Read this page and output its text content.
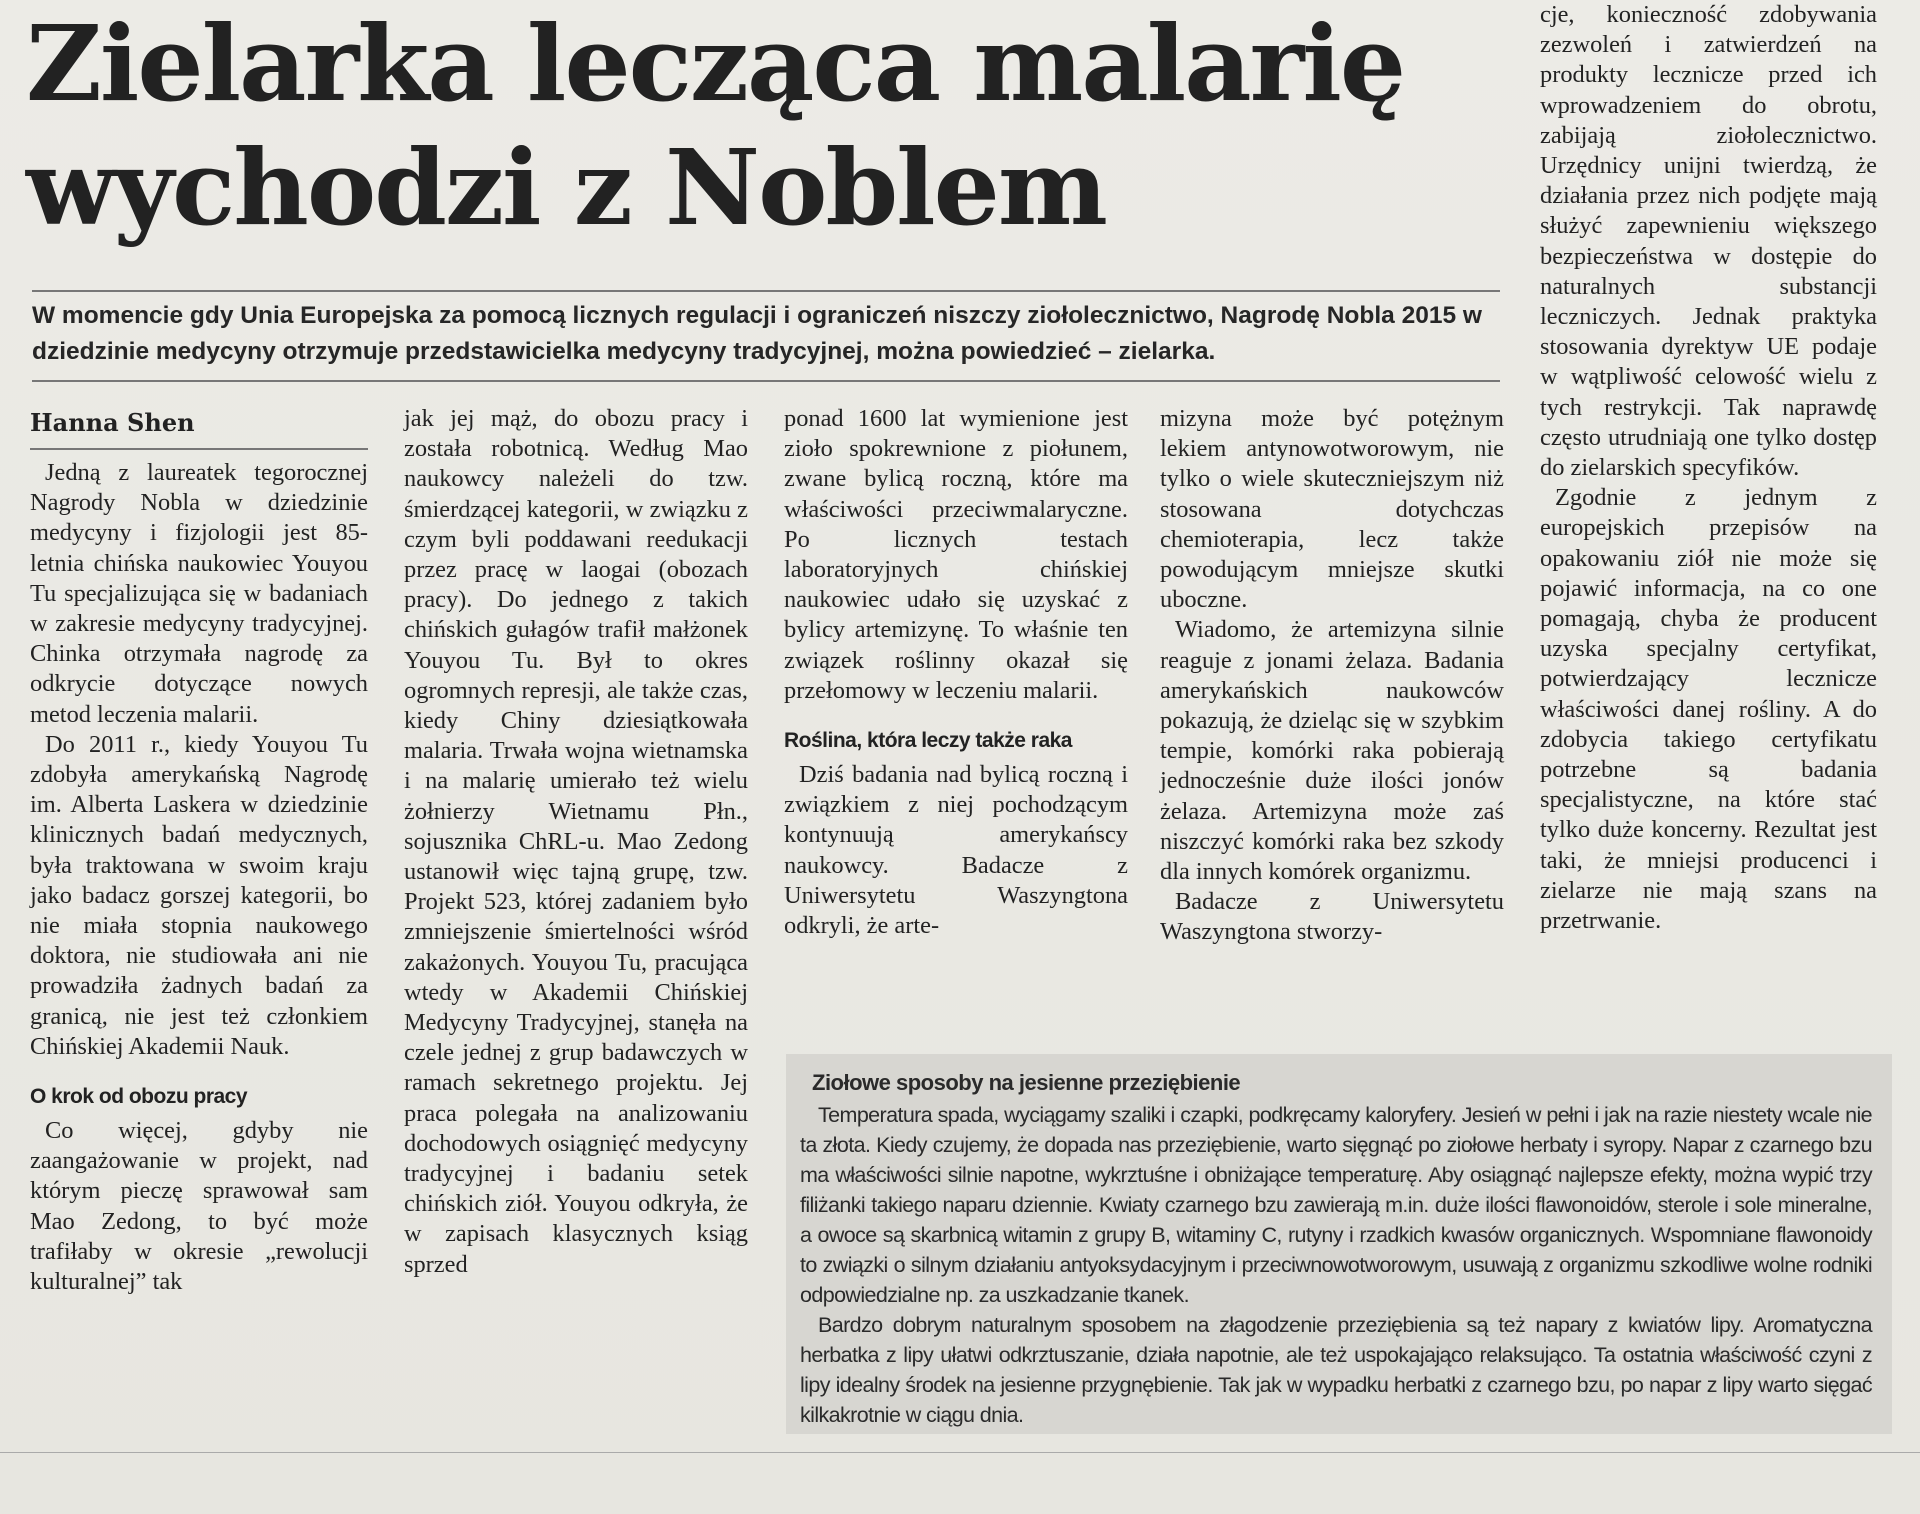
Zielarka lecząca malarię wychodzi z Noblem

W momencie gdy Unia Europejska za pomocą licznych regulacji i ograniczeń niszczy ziołolecznictwo, Nagrodę Nobla 2015 w dziedzinie medycyny otrzymuje przedstawicielka medycyny tradycyjnej, można powiedzieć – zielarka.

Hanna Shen

Jedną z laureatek tegorocznej Nagrody Nobla w dziedzinie medycyny i fizjologii jest 85-letnia chińska naukowiec Youyou Tu specjalizująca się w badaniach w zakresie medycyny tradycyjnej. Chinka otrzymała nagrodę za odkrycie dotyczące nowych metod leczenia malarii.

Do 2011 r., kiedy Youyou Tu zdobyła amerykańską Nagrodę im. Alberta Laskera w dziedzinie klinicznych badań medycznych, była traktowana w swoim kraju jako badacz gorszej kategorii, bo nie miała stopnia naukowego doktora, nie studiowała ani nie prowadziła żadnych badań za granicą, nie jest też członkiem Chińskiej Akademii Nauk.

O krok od obozu pracy

Co więcej, gdyby nie zaangażowanie w projekt, nad którym pieczę sprawował sam Mao Zedong, to być może trafiłaby w okresie „rewolucji kulturalnej” tak

jak jej mąż, do obozu pracy i została robotnicą. Według Mao naukowcy należeli do tzw. śmierdzącej kategorii, w związku z czym byli poddawani reedukacji przez pracę w laogai (obozach pracy). Do jednego z takich chińskich gułagów trafił małżonek Youyou Tu. Był to okres ogromnych represji, ale także czas, kiedy Chiny dziesiątkowała malaria. Trwała wojna wietnamska i na malarię umierało też wielu żołnierzy Wietnamu Płn., sojusznika ChRL-u. Mao Zedong ustanowił więc tajną grupę, tzw. Projekt 523, której zadaniem było zmniejszenie śmiertelności wśród zakażonych. Youyou Tu, pracująca wtedy w Akademii Chińskiej Medycyny Tradycyjnej, stanęła na czele jednej z grup badawczych w ramach sekretnego projektu. Jej praca polegała na analizowaniu dochodowych osiągnięć medycyny tradycyjnej i badaniu setek chińskich ziół. Youyou odkryła, że w zapisach klasycznych ksiąg sprzed

ponad 1600 lat wymienione jest zioło spokrewnione z piołunem, zwane bylicą roczną, które ma właściwości przeciwmalaryczne. Po licznych testach laboratoryjnych chińskiej naukowiec udało się uzyskać z bylicy artemizynę. To właśnie ten związek roślinny okazał się przełomowy w leczeniu malarii.

Roślina, która leczy także raka

Dziś badania nad bylicą roczną i związkiem z niej pochodzącym kontynuują amerykańscy naukowcy. Badacze z Uniwersytetu Waszyngtona odkryli, że arte-

mizyna może być potężnym lekiem antynowotworowym, nie tylko o wiele skuteczniejszym niż stosowana dotychczas chemioterapia, lecz także powodującym mniejsze skutki uboczne.

Wiadomo, że artemizyna silnie reaguje z jonami żelaza. Badania amerykańskich naukowców pokazują, że dzieląc się w szybkim tempie, komórki raka pobierają jednocześnie duże ilości jonów żelaza. Artemizyna może zaś niszczyć komórki raka bez szkody dla innych komórek organizmu.

Badacze z Uniwersytetu Waszyngtona stworzy-

cje, konieczność zdobywania zezwoleń i zatwierdzeń na produkty lecznicze przed ich wprowadzeniem do obrotu, zabijają ziołolecznictwo. Urzędnicy unijni twierdzą, że działania przez nich podjęte mają służyć zapewnieniu większego bezpieczeństwa w dostępie do naturalnych substancji leczniczych. Jednak praktyka stosowania dyrektyw UE podaje w wątpliwość celowość wielu z tych restrykcji. Tak naprawdę często utrudniają one tylko dostęp do zielarskich specyfików.

Zgodnie z jednym z europejskich przepisów na opakowaniu ziół nie może się pojawić informacja, na co one pomagają, chyba że producent uzyska specjalny certyfikat, potwierdzający lecznicze właściwości danej rośliny. A do zdobycia takiego certyfikatu potrzebne są badania specjalistyczne, na które stać tylko duże koncerny. Rezultat jest taki, że mniejsi producenci i zielarze nie mają szans na przetrwanie.

Ziołowe sposoby na jesienne przeziębienie

Temperatura spada, wyciągamy szaliki i czapki, podkręcamy kaloryfery. Jesień w pełni i jak na razie niestety wcale nie ta złota. Kiedy czujemy, że dopada nas przeziębienie, warto sięgnąć po ziołowe herbaty i syropy. Napar z czarnego bzu ma właściwości silnie napotne, wykrztuśne i obniżające temperaturę. Aby osiągnąć najlepsze efekty, można wypić trzy filiżanki takiego naparu dziennie. Kwiaty czarnego bzu zawierają m.in. duże ilości flawonoidów, sterole i sole mineralne, a owoce są skarbnicą witamin z grupy B, witaminy C, rutyny i rzadkich kwasów organicznych. Wspomniane flawonoidy to związki o silnym działaniu antyoksydacyjnym i przeciwnowotworowym, usuwają z organizmu szkodliwe wolne rodniki odpowiedzialne np. za uszkadzanie tkanek.

Bardzo dobrym naturalnym sposobem na złagodzenie przeziębienia są też napary z kwiatów lipy. Aromatyczna herbatka z lipy ułatwi odkrztuszanie, działa napotnie, ale też uspokajająco relaksująco. Ta ostatnia właściwość czyni z lipy idealny środek na jesienne przygnębienie. Tak jak w wypadku herbatki z czarnego bzu, po napar z lipy warto sięgać kilkakrotnie w ciągu dnia.
